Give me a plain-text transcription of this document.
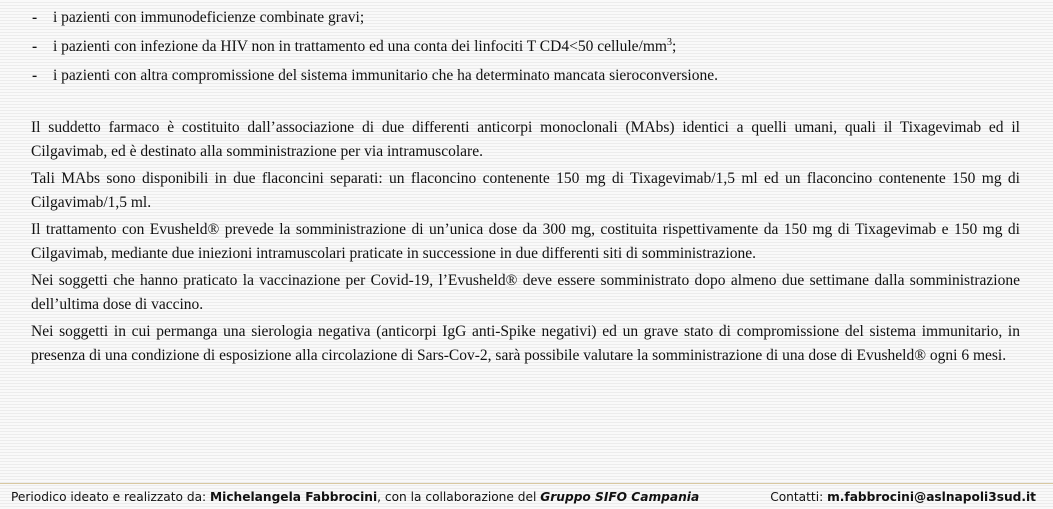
-	i pazienti con immunodeficienze combinate gravi;
-	i pazienti con infezione da HIV non in trattamento ed una conta dei linfociti T CD4<50 cellule/$mm^3$;
-	i pazienti con altra compromissione del sistema immunitario che ha determinato mancata sieroconversione.

Il suddetto farmaco è costituito dall’associazione di due differenti anticorpi monoclonali (MAbs) identici a quelli umani, quali il Tixagevimab ed il Cilgavimab, ed è destinato alla somministrazione per via intramuscolare.

Tali MAbs sono disponibili in due flaconcini separati: un flaconcino contenente 150 mg di Tixagevimab/1,5 ml ed un flaconcino contenente 150 mg di Cilgavimab/1,5 ml.

Il trattamento con Evusheld® prevede la somministrazione di un’unica dose da 300 mg, costituita rispettivamente da 150 mg di Tixagevimab e 150 mg di Cilgavimab, mediante due iniezioni intramuscolari praticate in successione in due differenti siti di somministrazione.

Nei soggetti che hanno praticato la vaccinazione per Covid-19, l’Evusheld® deve essere somministrato dopo almeno due settimane dalla somministrazione dell’ultima dose di vaccino.

Nei soggetti in cui permanga una sierologia negativa (anticorpi IgG anti-Spike negativi) ed un grave stato di compromissione del sistema immunitario, in presenza di una condizione di esposizione alla circolazione di Sars-Cov-2, sarà possibile valutare la somministrazione di una dose di Evusheld® ogni 6 mesi.

Periodico ideato e realizzato da: Michelangela Fabbrocini, con la collaborazione del Gruppo SIFO Campania	Contatti: m.fabbrocini@aslnapoli3sud.it
